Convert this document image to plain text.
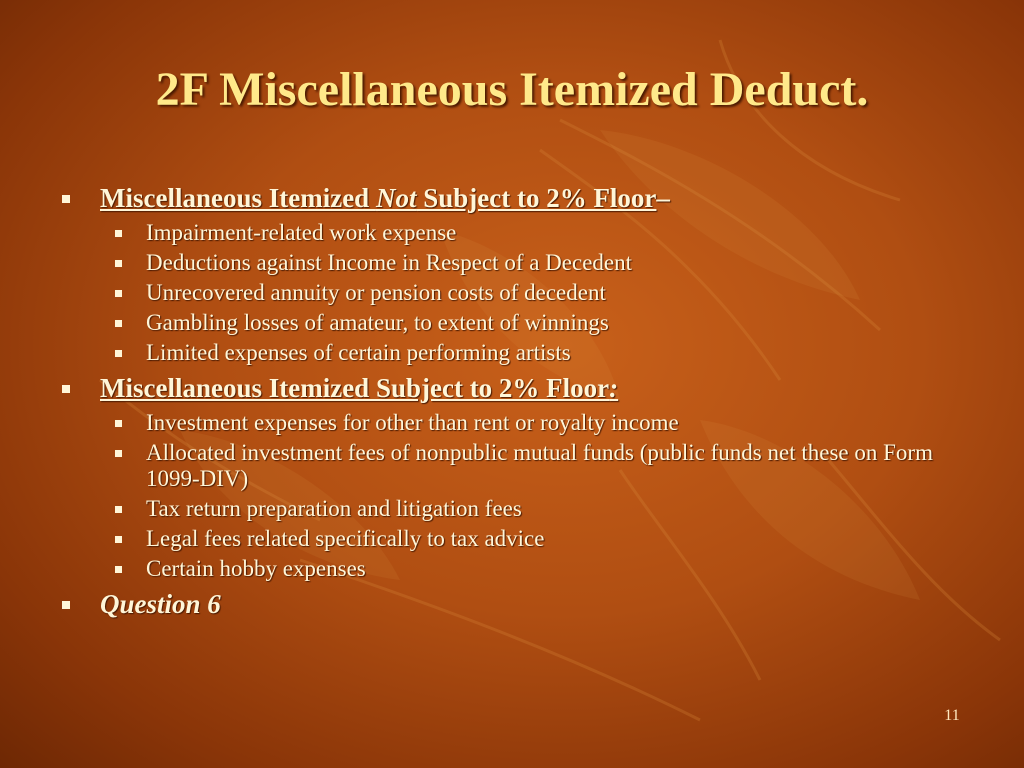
2F Miscellaneous Itemized Deduct.
Miscellaneous Itemized Not Subject to 2% Floor–
Impairment-related work expense
Deductions against Income in Respect of a Decedent
Unrecovered annuity or pension costs of decedent
Gambling losses of amateur, to extent of winnings
Limited expenses of certain performing artists
Miscellaneous Itemized Subject to 2% Floor:
Investment expenses for other than rent or royalty income
Allocated investment fees of nonpublic mutual funds (public funds net these on Form 1099-DIV)
Tax return preparation and litigation fees
Legal fees related specifically to tax advice
Certain hobby expenses
Question 6
11
